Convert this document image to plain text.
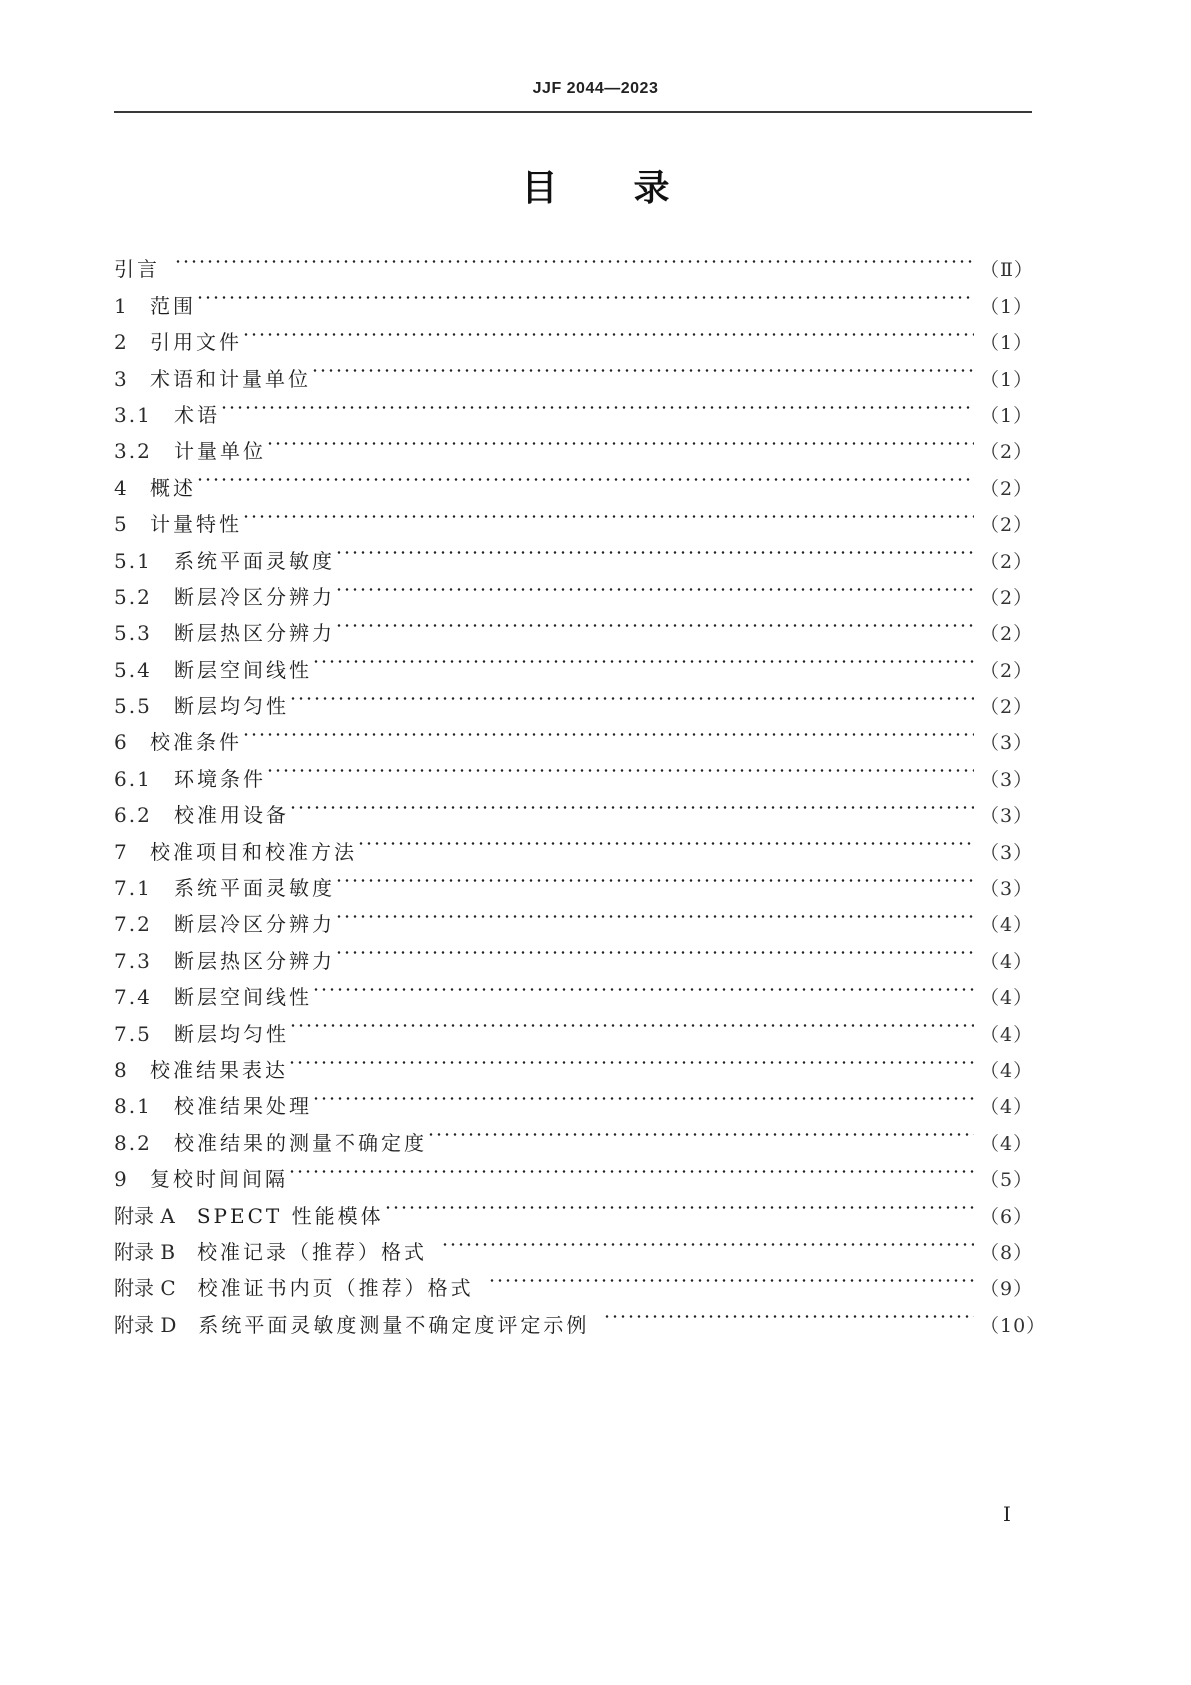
JJF 2044—2023
目 录
引言	（Ⅱ）
1	范围	（1）
2	引用文件	（1）
3	术语和计量单位	（1）
3.1	术语	（1）
3.2	计量单位	（2）
4	概述	（2）
5	计量特性	（2）
5.1	系统平面灵敏度	（2）
5.2	断层冷区分辨力	（2）
5.3	断层热区分辨力	（2）
5.4	断层空间线性	（2）
5.5	断层均匀性	（2）
6	校准条件	（3）
6.1	环境条件	（3）
6.2	校准用设备	（3）
7	校准项目和校准方法	（3）
7.1	系统平面灵敏度	（3）
7.2	断层冷区分辨力	（4）
7.3	断层热区分辨力	（4）
7.4	断层空间线性	（4）
7.5	断层均匀性	（4）
8	校准结果表达	（4）
8.1	校准结果处理	（4）
8.2	校准结果的测量不确定度	（4）
9	复校时间间隔	（5）
附录 A SPECT 性能模体	（6）
附录 B 校准记录（推荐）格式	（8）
附录 C 校准证书内页（推荐）格式	（9）
附录 D 系统平面灵敏度测量不确定度评定示例	（10）
I
